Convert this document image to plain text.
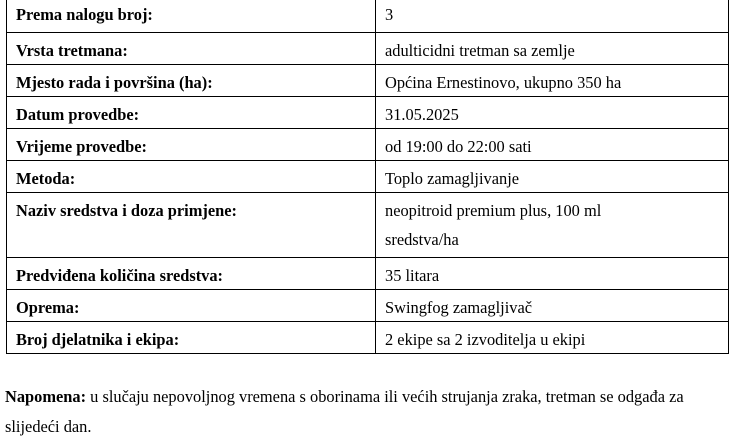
Prema nalogu broj:	3
Vrsta tretmana:	adulticidni tretman sa zemlje
Mjesto rada i površina (ha):	Općina Ernestinovo, ukupno 350 ha
Datum provedbe:	31.05.2025
Vrijeme provedbe:	od 19:00 do 22:00 sati
Metoda:	Toplo zamagljivanje
Naziv sredstva i doza primjene:	neopitroid premium plus, 100 ml
sredstva/ha

Predviđena količina sredstva:	35 litara
Oprema:	Swingfog zamagljivač
Broj djelatnika i ekipa:	2 ekipe sa 2 izvoditelja u ekipi

Napomena: u slučaju nepovoljnog vremena s oborinama ili većih strujanja zraka, tretman se odgađa za slijedeći dan.
